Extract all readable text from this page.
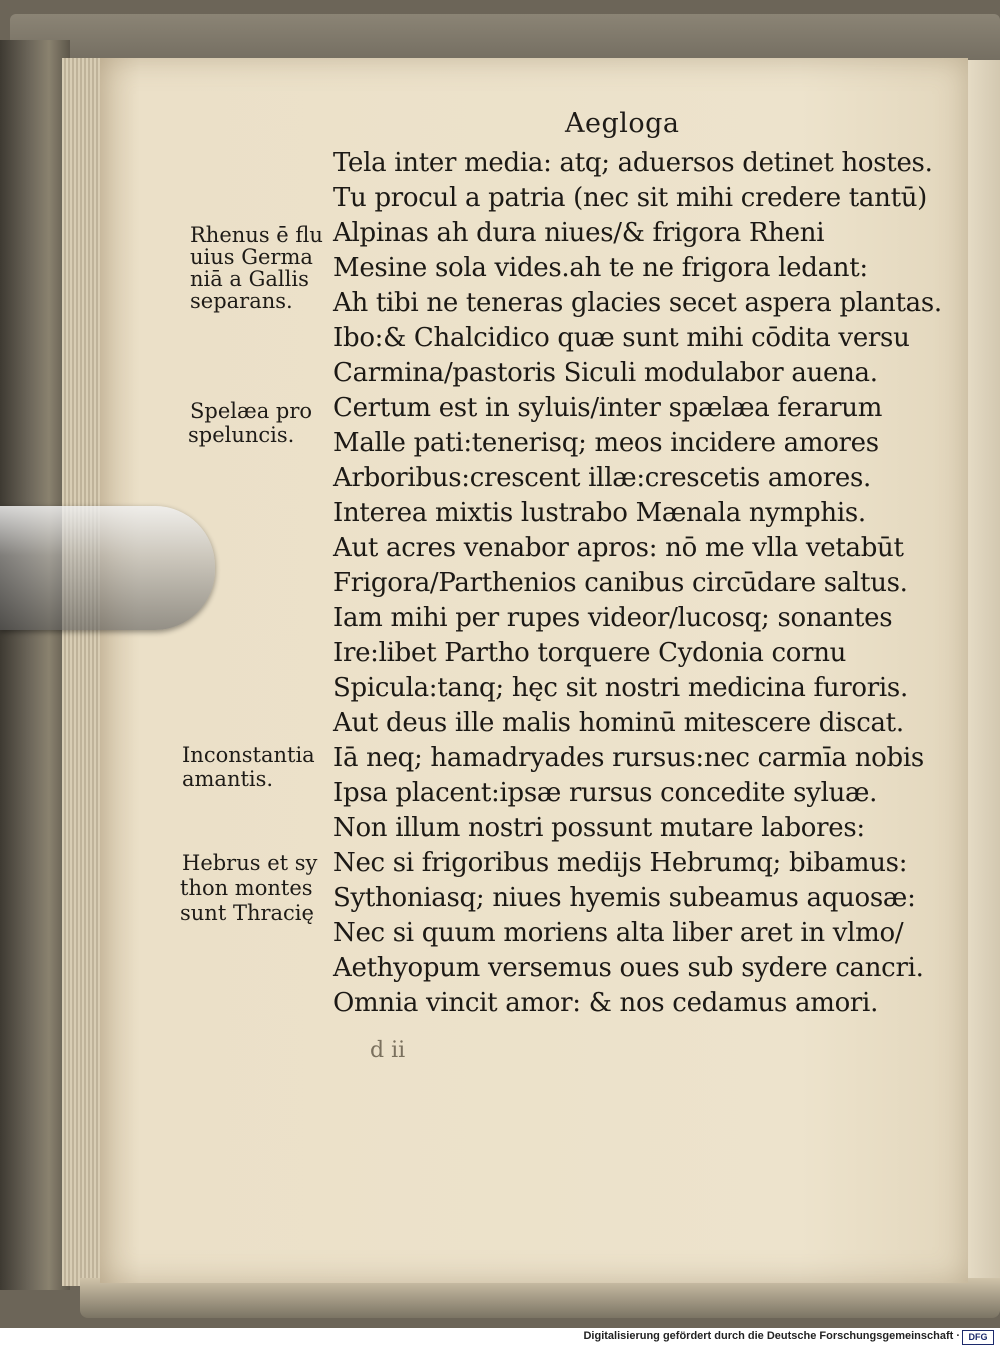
Aegloga
Tela inter media: atq; aduersos detinet hostes.
Tu procul a patria (nec sit mihi credere tantū)
Alpinas ah dura niues/& frigora Rheni
Mesine sola vides.ah te ne frigora ledant:
Ah tibi ne teneras glacies secet aspera plantas.
Ibo:& Chalcidico quæ sunt mihi cōdita versu
Carmina/pastoris Siculi modulabor auena.
Certum est in syluis/inter spælæa ferarum
Malle pati:tenerisq; meos incidere amores
Arboribus:crescent illæ:crescetis amores.
Interea mixtis lustrabo Mænala nymphis.
Aut acres venabor apros: nō me vlla vetabūt
Frigora/Parthenios canibus circūdare saltus.
Iam mihi per rupes videor/lucosq; sonantes
Ire:libet Partho torquere Cydonia cornu
Spicula:tanq; hęc sit nostri medicina furoris.
Aut deus ille malis hominū mitescere discat.
Iā neq; hamadryades rursus:nec carmīa nobis
Ipsa placent:ipsæ rursus concedite syluæ.
Non illum nostri possunt mutare labores:
Nec si frigoribus medijs Hebrumq; bibamus:
Sythoniasq; niues hyemis subeamus aquosæ:
Nec si quum moriens alta liber aret in vlmo/
Aethyopum versemus oues sub sydere cancri.
Omnia vincit amor: & nos cedamus amori.
Rhenus ē flu
uius Germa
niā a Gallis
separans.
Spelæa pro
speluncis.
Inconstantia
amantis.
Hebrus et sy
thon montes
sunt Thracię
d ii
Digitalisierung gefördert durch die Deutsche Forschungsgemeinschaft · DFG
